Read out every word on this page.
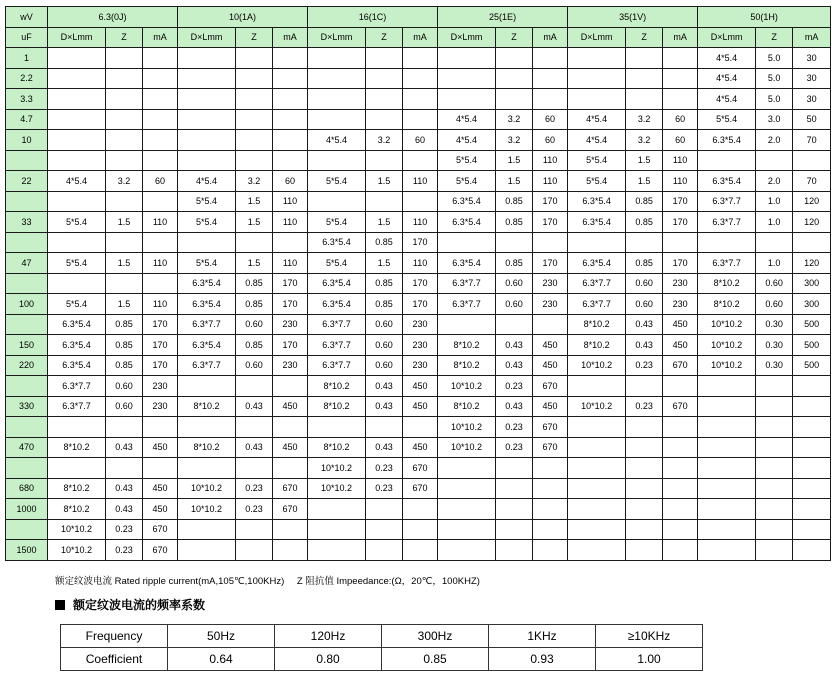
wV	6.3(0J)			10(1A)			16(1C)			25(1E)			35(1V)			50(1H)		
uF	D×Lmm	Z	mA	D×Lmm	Z	mA	D×Lmm	Z	mA	D×Lmm	Z	mA	D×Lmm	Z	mA	D×Lmm	Z	mA
1																4*5.4	5.0	30
2.2																4*5.4	5.0	30
3.3																4*5.4	5.0	30
4.7										4*5.4	3.2	60	4*5.4	3.2	60	5*5.4	3.0	50
10							4*5.4	3.2	60	4*5.4	3.2	60	4*5.4	3.2	60	6.3*5.4	2.0	70
										5*5.4	1.5	110	5*5.4	1.5	110			
22	4*5.4	3.2	60	4*5.4	3.2	60	5*5.4	1.5	110	5*5.4	1.5	110	5*5.4	1.5	110	6.3*5.4	2.0	70
				5*5.4	1.5	110				6.3*5.4	0.85	170	6.3*5.4	0.85	170	6.3*7.7	1.0	120
33	5*5.4	1.5	110	5*5.4	1.5	110	5*5.4	1.5	110	6.3*5.4	0.85	170	6.3*5.4	0.85	170	6.3*7.7	1.0	120
							6.3*5.4	0.85	170									
47	5*5.4	1.5	110	5*5.4	1.5	110	5*5.4	1.5	110	6.3*5.4	0.85	170	6.3*5.4	0.85	170	6.3*7.7	1.0	120
				6.3*5.4	0.85	170	6.3*5.4	0.85	170	6.3*7.7	0.60	230	6.3*7.7	0.60	230	8*10.2	0.60	300
100	5*5.4	1.5	110	6.3*5.4	0.85	170	6.3*5.4	0.85	170	6.3*7.7	0.60	230	6.3*7.7	0.60	230	8*10.2	0.60	300
	6.3*5.4	0.85	170	6.3*7.7	0.60	230	6.3*7.7	0.60	230				8*10.2	0.43	450	10*10.2	0.30	500
150	6.3*5.4	0.85	170	6.3*5.4	0.85	170	6.3*7.7	0.60	230	8*10.2	0.43	450	8*10.2	0.43	450	10*10.2	0.30	500
220	6.3*5.4	0.85	170	6.3*7.7	0.60	230	6.3*7.7	0.60	230	8*10.2	0.43	450	10*10.2	0.23	670	10*10.2	0.30	500
	6.3*7.7	0.60	230				8*10.2	0.43	450	10*10.2	0.23	670						
330	6.3*7.7	0.60	230	8*10.2	0.43	450	8*10.2	0.43	450	8*10.2	0.43	450	10*10.2	0.23	670			
										10*10.2	0.23	670						
470	8*10.2	0.43	450	8*10.2	0.43	450	8*10.2	0.43	450	10*10.2	0.23	670						
							10*10.2	0.23	670									
680	8*10.2	0.43	450	10*10.2	0.23	670	10*10.2	0.23	670									
1000	8*10.2	0.43	450	10*10.2	0.23	670												
	10*10.2	0.23	670															
1500	10*10.2	0.23	670															
额定纹波电流 Rated ripple current(mA,105℃,100KHz) Z 阻抗值 Impeedance:(Ω，20℃，100KHZ)
额定纹波电流的频率系数
Frequency	50Hz	120Hz	300Hz	1KHz	≥10KHz
Coefficient	0.64	0.80	0.85	0.93	1.00
